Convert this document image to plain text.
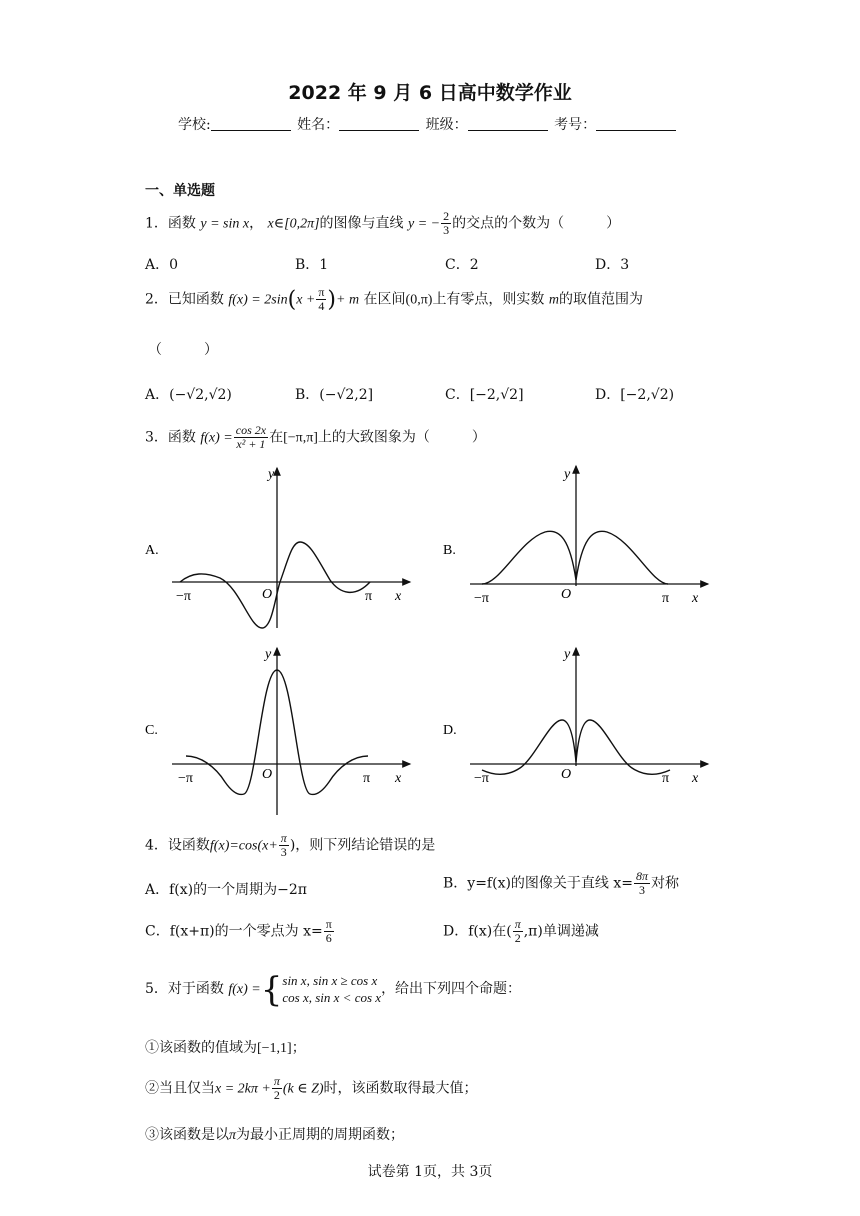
2022 年 9 月 6 日高中数学作业
学校:	姓名：	班级：	考号：
一、单选题
1．函数 y = sin x， x∈[0,2π]的图像与直线 y = − $\frac{2}{3}$ 的交点的个数为（　　　）
A．0	B．1	C．2	D．3
2．已知函数 $f(x) = 2\sin(x + \frac{\pi}{4}$ )+ m 在区间(0,π)上有零点，则实数 m的取值范围为
（　　　）
A．(−√2,√2)	B．(−√2,2]	C．[−2,√2]	D．[−2,√2)
3．函数 $f(x) = \frac{\cos 2x}{\text{x² + 1}}$ 在[−π,π]上的大致图象为（　　　）
A.
y
x
O
−π	π
B.
y
x
O
−π	π
C.
y
x
O
−π	π
D.
y
x
O
−π	π
4．设函数$f(x)=\cos(x+ \frac{\pi}{3}$ )，则下列结论错误的是
A．f(x)的一个周期为−2π	B．y=f(x)的图像关于直线 $x= \frac{8\pi}{3}$ 对称
C．f(x+π)的一个零点为 $x= \frac{\pi}{6}$	D．f(x)在( $\frac{\pi}{2} ,\pi$)单调递减
5．对于函数 f(x) ={ sin x, sin x ≥ cos x
cos x, sin x < cos x
，给出下列四个命题：
①该函数的值域为[−1,1]；
②当且仅当$x = 2k\pi + \frac{\pi}{2} (k$ ∈ Z)时，该函数取得最大值；
③该函数是以π为最小正周期的周期函数；
试卷第 1页，共 3页
